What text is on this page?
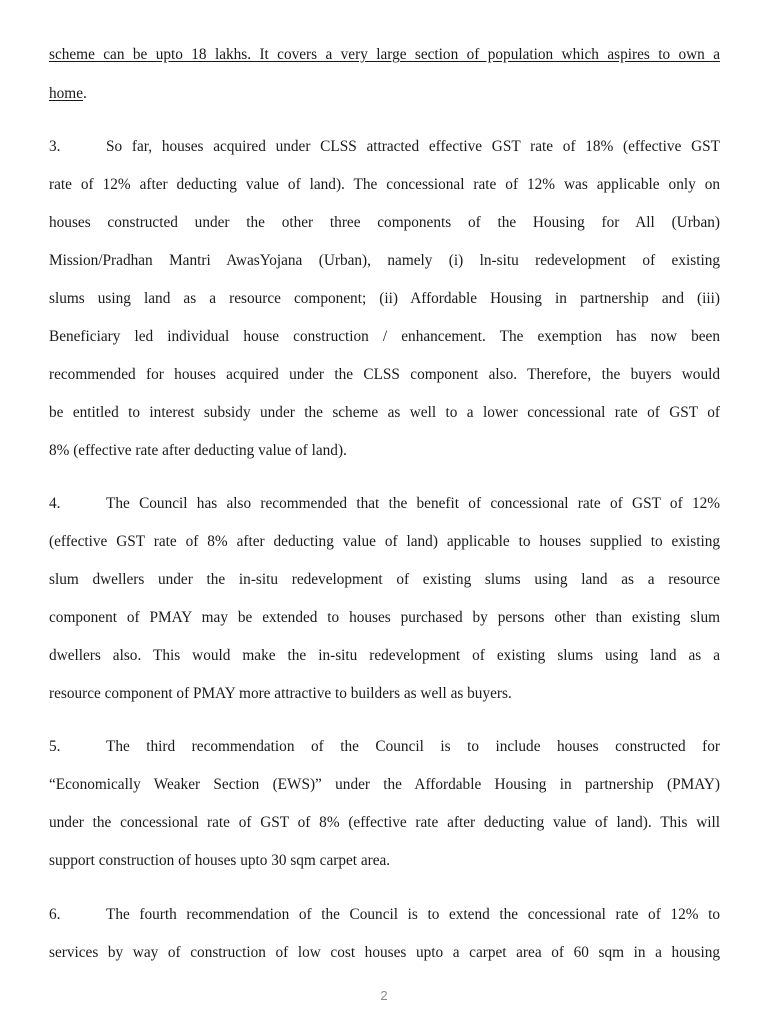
scheme can be upto 18 lakhs. It covers a very large section of population which aspires to own a
home.
3.	So far, houses acquired under CLSS attracted effective GST rate of 18% (effective GST
rate of 12% after deducting value of land). The concessional rate of 12% was applicable only on
houses constructed under the other three components of the Housing for All (Urban)
Mission/Pradhan Mantri AwasYojana (Urban), namely (i) ln-situ redevelopment of existing
slums using land as a resource component; (ii) Affordable Housing in partnership and (iii)
Beneficiary led individual house construction / enhancement. The exemption has now been
recommended for houses acquired under the CLSS component also. Therefore, the buyers would
be entitled to interest subsidy under the scheme as well to a lower concessional rate of GST of
8% (effective rate after deducting value of land).
4.	The Council has also recommended that the benefit of concessional rate of GST of 12%
(effective GST rate of 8% after deducting value of land) applicable to houses supplied to existing
slum dwellers under the in-situ redevelopment of existing slums using land as a resource
component of PMAY may be extended to houses purchased by persons other than existing slum
dwellers also. This would make the in-situ redevelopment of existing slums using land as a
resource component of PMAY more attractive to builders as well as buyers.
5.	The third recommendation of the Council is to include houses constructed for
“Economically Weaker Section (EWS)” under the Affordable Housing in partnership (PMAY)
under the concessional rate of GST of 8% (effective rate after deducting value of land). This will
support construction of houses upto 30 sqm carpet area.
6.	The fourth recommendation of the Council is to extend the concessional rate of 12% to
services by way of construction of low cost houses upto a carpet area of 60 sqm in a housing
2
